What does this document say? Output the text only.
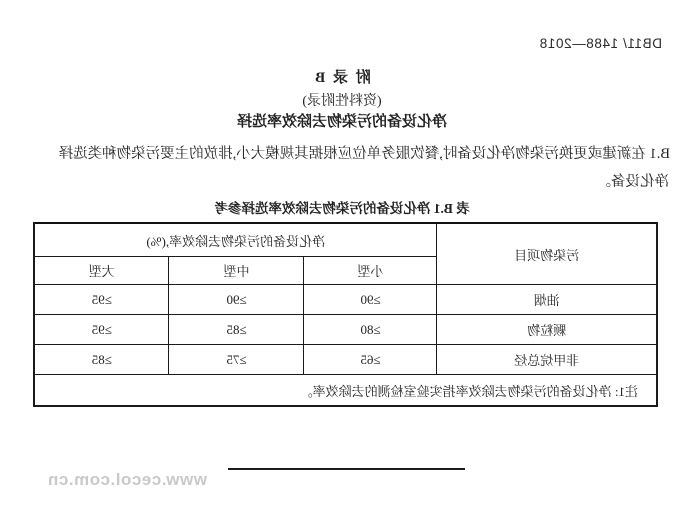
DB11/ 1488—2018
附 录 B
(资料性附录)
净化设备的污染物去除效率选择
B.1 在新建或更换污染物净化设备时,餐饮服务单位应根据其规模大小,排放的主要污染物种类选择
净化设备。
表 B.1 净化设备的污染物去除效率选择参考
污染物项目	净化设备的污染物去除效率,(%)		
	小型	中型	大型
油烟	≥90	≥90	≥95
颗粒物	≥80	≥85	≥95
非甲烷总烃	≥65	≥75	≥85
注1: 净化设备的污染物去除效率指实验室检测的去除效率。			
www.cecol.com.cn
